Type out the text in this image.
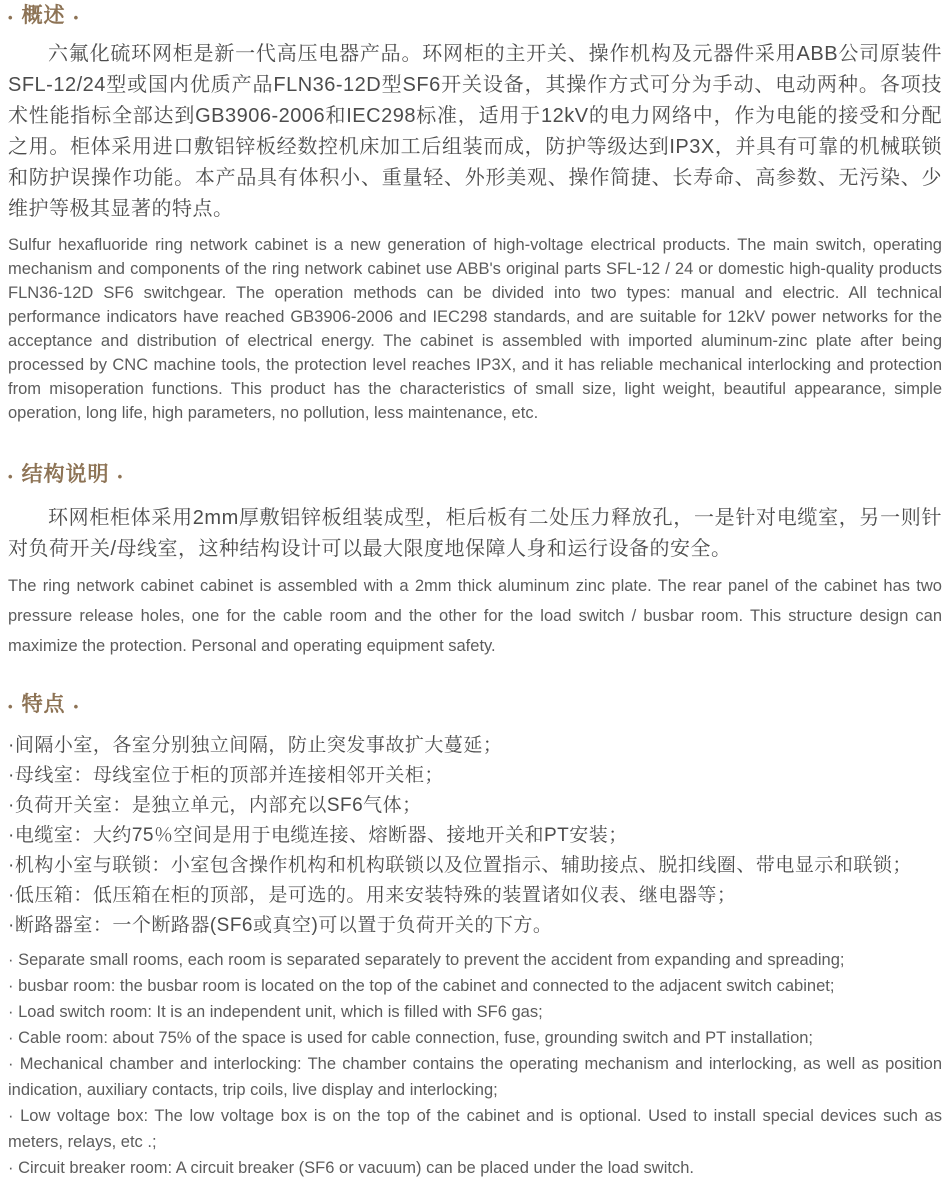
• 概述 •

六氟化硫环网柜是新一代高压电器产品。环网柜的主开关、操作机构及元器件采用ABB公司原装件SFL-12/24型或国内优质产品FLN36-12D型SF6开关设备，其操作方式可分为手动、电动两种。各项技术性能指标全部达到GB3906-2006和IEC298标准，适用于12kV的电力网络中，作为电能的接受和分配之用。柜体采用进口敷铝锌板经数控机床加工后组装而成，防护等级达到IP3X，并具有可靠的机械联锁和防护误操作功能。本产品具有体积小、重量轻、外形美观、操作简捷、长寿命、高参数、无污染、少维护等极其显著的特点。

Sulfur hexafluoride ring network cabinet is a new generation of high-voltage electrical products. The main switch, operating mechanism and components of the ring network cabinet use ABB's original parts SFL-12 / 24 or domestic high-quality products FLN36-12D SF6 switchgear. The operation methods can be divided into two types: manual and electric. All technical performance indicators have reached GB3906-2006 and IEC298 standards, and are suitable for 12kV power networks for the acceptance and distribution of electrical energy. The cabinet is assembled with imported aluminum-zinc plate after being processed by CNC machine tools, the protection level reaches IP3X, and it has reliable mechanical interlocking and protection from misoperation functions. This product has the characteristics of small size, light weight, beautiful appearance, simple operation, long life, high parameters, no pollution, less maintenance, etc.

• 结构说明 •

环网柜柜体采用2mm厚敷铝锌板组装成型，柜后板有二处压力释放孔，一是针对电缆室，另一则针对负荷开关/母线室，这种结构设计可以最大限度地保障人身和运行设备的安全。

The ring network cabinet cabinet is assembled with a 2mm thick aluminum zinc plate. The rear panel of the cabinet has two pressure release holes, one for the cable room and the other for the load switch / busbar room. This structure design can maximize the protection. Personal and operating equipment safety.

• 特点 •
·间隔小室，各室分别独立间隔，防止突发事故扩大蔓延；
·母线室：母线室位于柜的顶部并连接相邻开关柜；
·负荷开关室：是独立单元，内部充以SF6气体；
·电缆室：大约75％空间是用于电缆连接、熔断器、接地开关和PT安装；
·机构小室与联锁：小室包含操作机构和机构联锁以及位置指示、辅助接点、脱扣线圈、带电显示和联锁；
·低压箱：低压箱在柜的顶部，是可选的。用来安装特殊的装置诸如仪表、继电器等；
·断路器室：一个断路器(SF6或真空)可以置于负荷开关的下方。
· Separate small rooms, each room is separated separately to prevent the accident from expanding and spreading;
· busbar room: the busbar room is located on the top of the cabinet and connected to the adjacent switch cabinet;
· Load switch room: It is an independent unit, which is filled with SF6 gas;
· Cable room: about 75% of the space is used for cable connection, fuse, grounding switch and PT installation;
· Mechanical chamber and interlocking: The chamber contains the operating mechanism and interlocking, as well as position indication, auxiliary contacts, trip coils, live display and interlocking;
· Low voltage box: The low voltage box is on the top of the cabinet and is optional. Used to install special devices such as meters, relays, etc .;
· Circuit breaker room: A circuit breaker (SF6 or vacuum) can be placed under the load switch.
